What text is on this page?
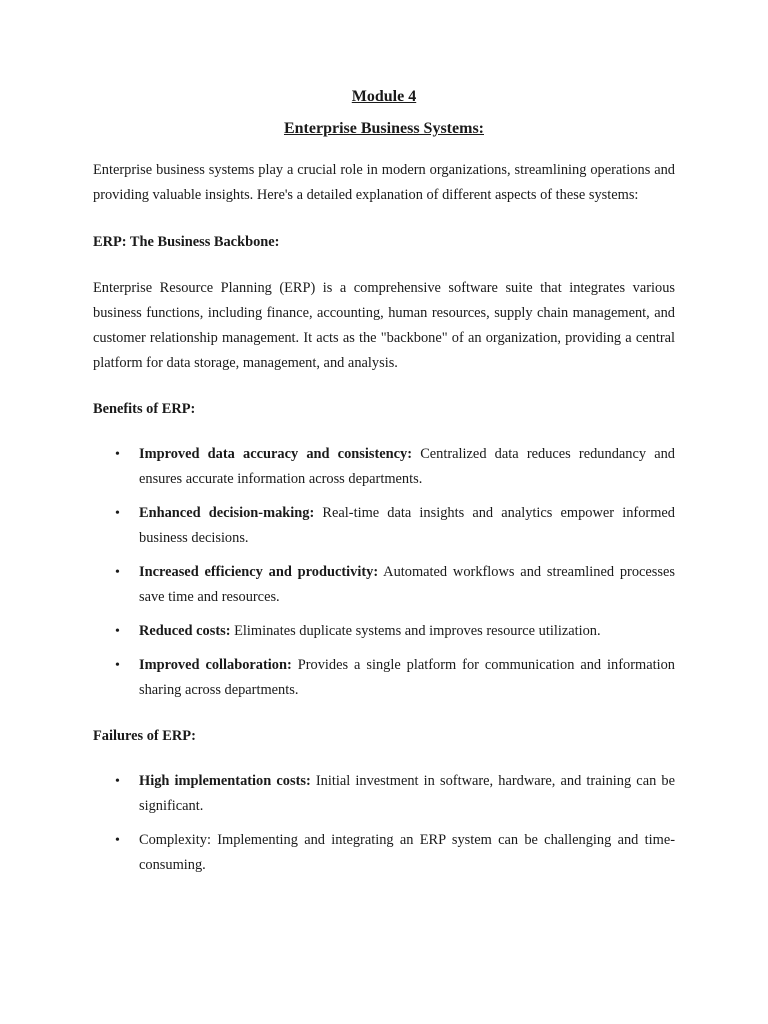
Module 4

Enterprise Business Systems:

Enterprise business systems play a crucial role in modern organizations, streamlining operations and providing valuable insights. Here's a detailed explanation of different aspects of these systems:

ERP: The Business Backbone:

Enterprise Resource Planning (ERP) is a comprehensive software suite that integrates various business functions, including finance, accounting, human resources, supply chain management, and customer relationship management. It acts as the "backbone" of an organization, providing a central platform for data storage, management, and analysis.

Benefits of ERP:

• Improved data accuracy and consistency: Centralized data reduces redundancy and ensures accurate information across departments.
• Enhanced decision-making: Real-time data insights and analytics empower informed business decisions.
• Increased efficiency and productivity: Automated workflows and streamlined processes save time and resources.
• Reduced costs: Eliminates duplicate systems and improves resource utilization.
• Improved collaboration: Provides a single platform for communication and information sharing across departments.

Failures of ERP:

• High implementation costs: Initial investment in software, hardware, and training can be significant.
• Complexity: Implementing and integrating an ERP system can be challenging and time-consuming.
